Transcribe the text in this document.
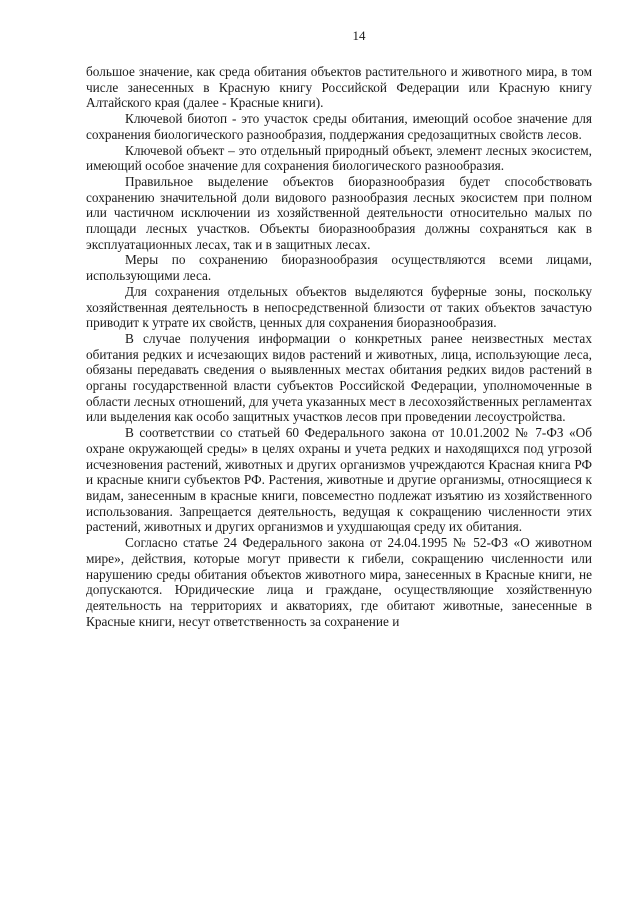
14

большое значение, как среда обитания объектов растительного и животного мира, в том числе занесенных в Красную книгу Российской Федерации или Красную книгу Алтайского края (далее - Красные книги).

Ключевой биотоп - это участок среды обитания, имеющий особое значение для сохранения биологического разнообразия, поддержания средозащитных свойств лесов.

Ключевой объект – это отдельный природный объект, элемент лесных экосистем, имеющий особое значение для сохранения биологического разнообразия.

Правильное выделение объектов биоразнообразия будет способствовать сохранению значительной доли видового разнообразия лесных экосистем при полном или частичном исключении из хозяйственной деятельности относительно малых по площади лесных участков. Объекты биоразнообразия должны сохраняться как в эксплуатационных лесах, так и в защитных лесах.

Меры по сохранению биоразнообразия осуществляются всеми лицами, использующими леса.

Для сохранения отдельных объектов выделяются буферные зоны, поскольку хозяйственная деятельность в непосредственной близости от таких объектов зачастую приводит к утрате их свойств, ценных для сохранения биоразнообразия.

В случае получения информации о конкретных ранее неизвестных местах обитания редких и исчезающих видов растений и животных, лица, использующие леса, обязаны передавать сведения о выявленных местах обитания редких видов растений в органы государственной власти субъектов Российской Федерации, уполномоченные в области лесных отношений, для учета указанных мест в лесохозяйственных регламентах или выделения как особо защитных участков лесов при проведении лесоустройства.

В соответствии со статьей 60 Федерального закона от 10.01.2002 № 7-ФЗ «Об охране окружающей среды» в целях охраны и учета редких и находящихся под угрозой исчезновения растений, животных и других организмов учреждаются Красная книга РФ и красные книги субъектов РФ. Растения, животные и другие организмы, относящиеся к видам, занесенным в красные книги, повсеместно подлежат изъятию из хозяйственного использования. Запрещается деятельность, ведущая к сокращению численности этих растений, животных и других организмов и ухудшающая среду их обитания.

Согласно статье 24 Федерального закона от 24.04.1995 № 52-ФЗ «О животном мире», действия, которые могут привести к гибели, сокращению численности или нарушению среды обитания объектов животного мира, занесенных в Красные книги, не допускаются. Юридические лица и граждане, осуществляющие хозяйственную деятельность на территориях и акваториях, где обитают животные, занесенные в Красные книги, несут ответственность за сохранение и
